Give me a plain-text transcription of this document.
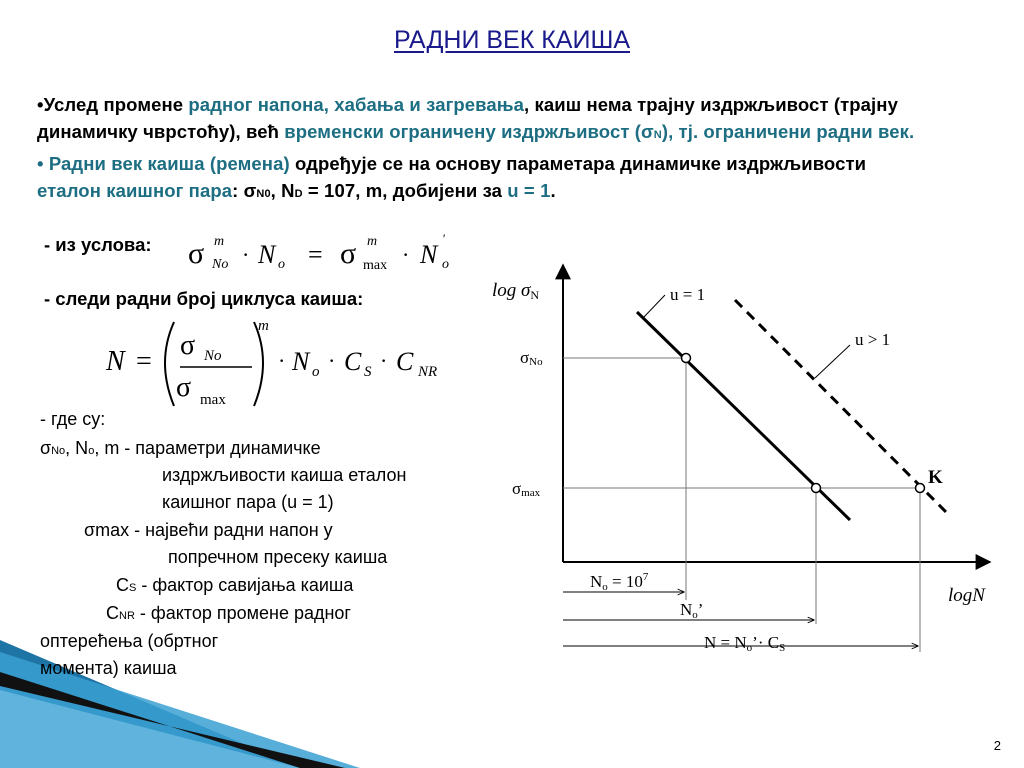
РАДНИ ВЕК КАИША
•Услед промене радног напона, хабања и загревања, каиш нема трајну издржљивост (трајну динамичку чврстоћу), већ временски ограничену издржљивост (σN), тј. ограничени радни век.
• Радни век каиша (ремена) одређује се на основу параметара динамичке издржљивости еталон каишног пара: σN0, ND = 107, m, добијени за u = 1.
- из услова: σ m
No · N o = σ m
max · N
'
o
- следи радни број циклуса каиша:
N =
σ No
σ max
m
· N o · C S · C NR
- где су:
σNo, No, m - параметри динамичке
издржљивости каиша еталон
каишног пара (u = 1)
σmax - највећи радни напон у
попречном пресеку каиша
CS - фактор савијања каиша
CNR - фактор промене радног
оптерећења (обртног
момента) каиша
log σN
logN
u = 1
u > 1
σNo
σmax
K
$No = 10^7$
No’
N = No’· CS
2
